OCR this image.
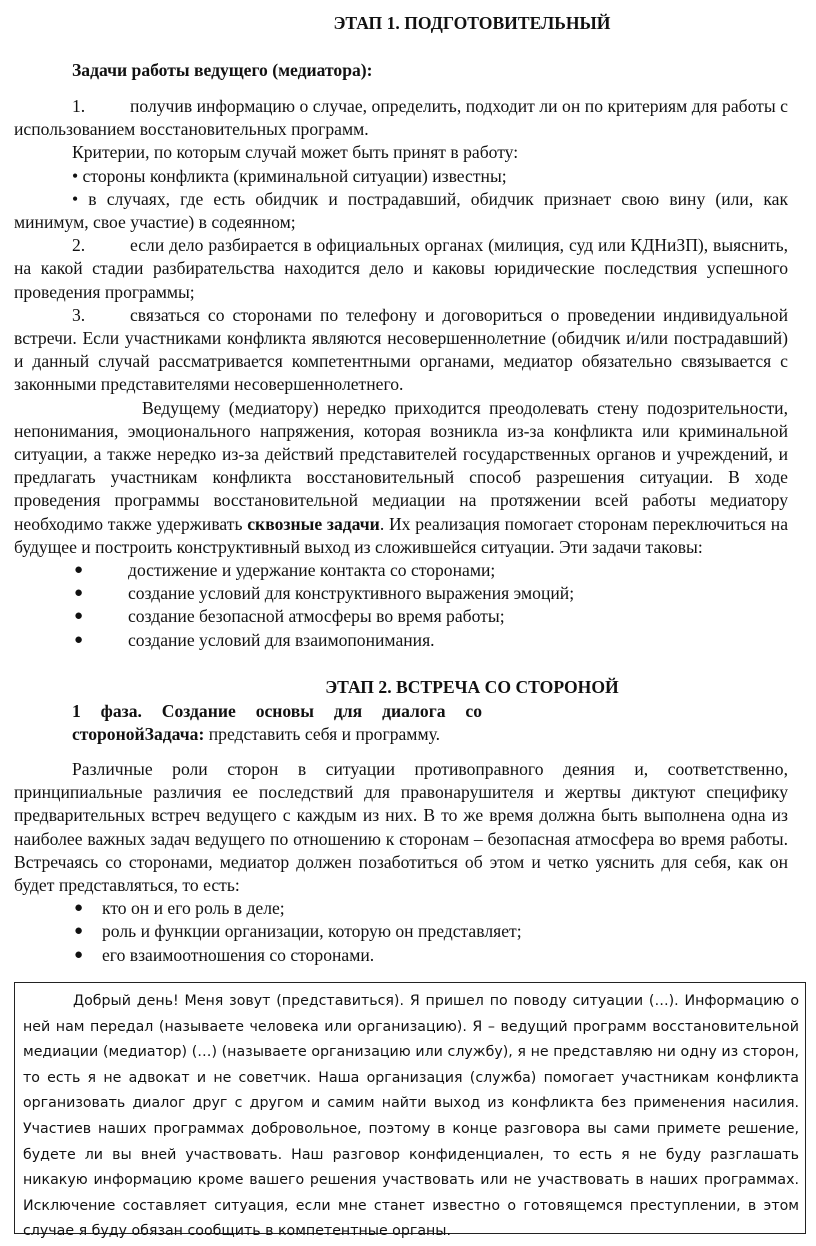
ЭТАП 1. ПОДГОТОВИТЕЛЬНЫЙ
Задачи работы ведущего (медиатора):

1.	получив информацию о случае, определить, подходит ли он по критериям для работы с использованием восстановительных программ.

Критерии, по которым случай может быть принят в работу:

• стороны конфликта (криминальной ситуации) известны;

• в случаях, где есть обидчик и пострадавший, обидчик признает свою вину (или, как минимум, свое участие) в содеянном;

2.	если дело разбирается в официальных органах (милиция, суд или КДНиЗП), выяснить, на какой стадии разбирательства находится дело и каковы юридические последствия успешного проведения программы;

3.	связаться со сторонами по телефону и договориться о проведении индивидуальной встречи. Если участниками конфликта являются несовершеннолетние (обидчик и/или пострадавший) и данный случай рассматривается компетентными органами, медиатор обязательно связывается с законными представителями несовершеннолетнего.

Ведущему (медиатору) нередко приходится преодолевать стену подозрительности, непонимания, эмоционального напряжения, которая возникла из-за конфликта или криминальной ситуации, а также нередко из-за действий представителей государственных органов и учреждений, и предлагать участникам конфликта восстановительный способ разрешения ситуации. В ходе проведения программы восстановительной медиации на протяжении всей работы медиатору необходимо также удерживать сквозные задачи. Их реализация помогает сторонам переключиться на будущее и построить конструктивный выход из сложившейся ситуации. Эти задачи таковы:

●	достижение и удержание контакта со сторонами;
●	создание условий для конструктивного выражения эмоций;
●	создание безопасной атмосферы во время работы;
●	создание условий для взаимопонимания.
ЭТАП 2. ВСТРЕЧА СО СТОРОНОЙ

1 фаза. Создание основы для диалога со

сторонойЗадача: представить себя и программу.

Различные роли сторон в ситуации противоправного деяния и, соответственно, принципиальные различия ее последствий для правонарушителя и жертвы диктуют специфику предварительных встреч ведущего с каждым из них. В то же время должна быть выполнена одна из наиболее важных задач ведущего по отношению к сторонам – безопасная атмосфера во время работы. Встречаясь со сторонами, медиатор должен позаботиться об этом и четко уяснить для себя, как он будет представляться, то есть:

● кто он и его роль в деле;
● роль и функции организации, которую он представляет;
● его взаимоотношения со сторонами.

Добрый день! Меня зовут (представиться). Я пришел по поводу ситуации (…). Информацию о ней нам передал (называете человека или организацию). Я – ведущий программ восстановительной медиации (медиатор) (…) (называете организацию или службу), я не представляю ни одну из сторон, то есть я не адвокат и не советчик. Наша организация (служба) помогает участникам конфликта организовать диалог друг с другом и самим найти выход из конфликта без применения насилия. Участиев наших программах добровольное, поэтому в конце разговора вы сами примете решение, будете ли вы вней участвовать. Наш разговор конфиденциален, то есть я не буду разглашать никакую информацию кроме вашего решения участвовать или не участвовать в наших программах. Исключение составляет ситуация, если мне станет известно о готовящемся преступлении, в этом случае я буду обязан сообщить в компетентные органы.
